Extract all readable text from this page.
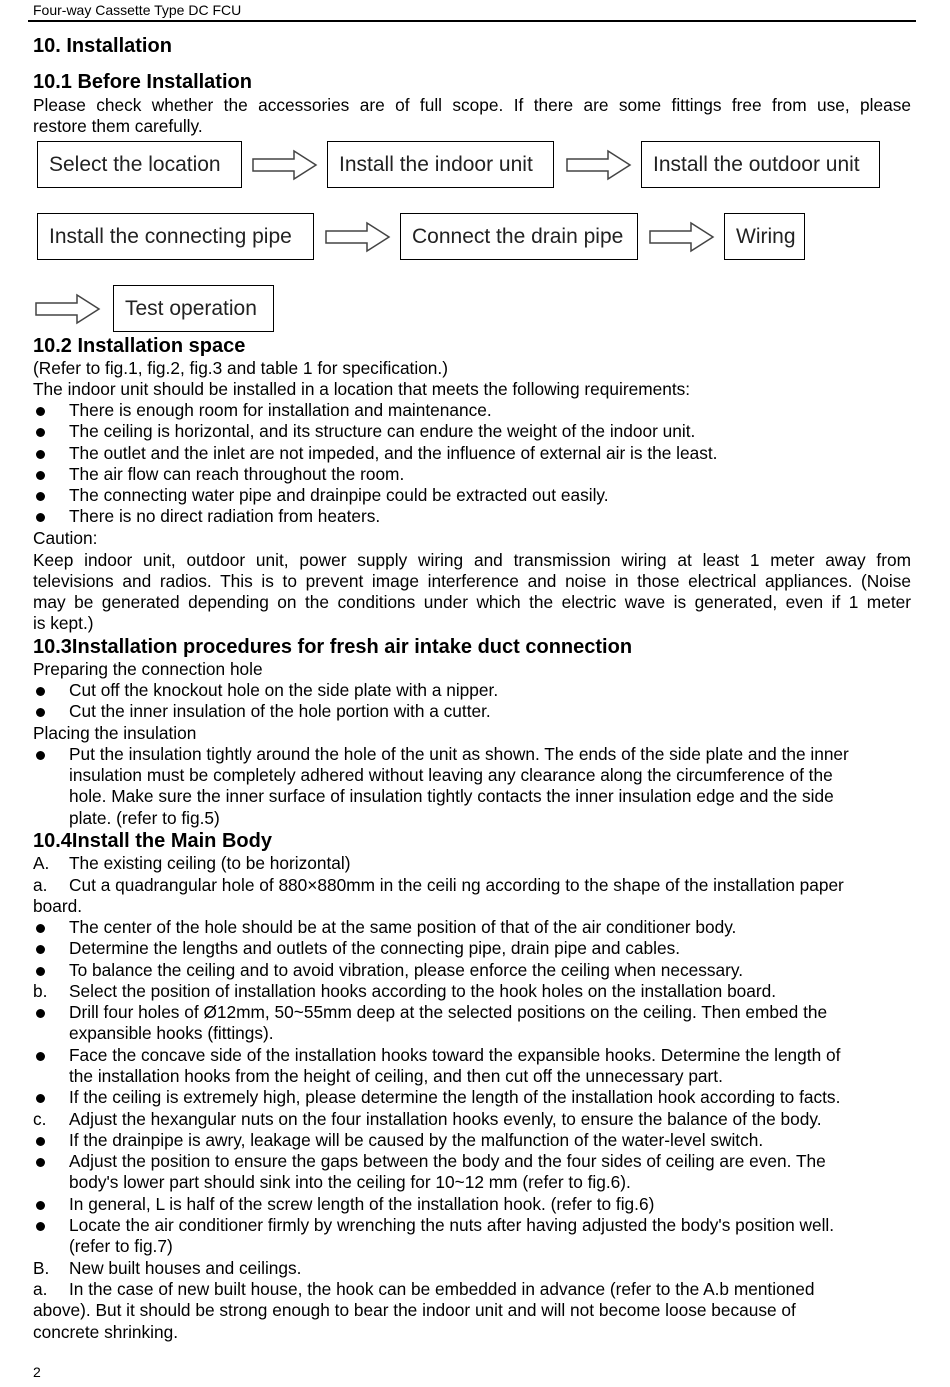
Four-way Cassette Type DC FCU
10. Installation
10.1 Before Installation
Please check whether the accessories are of full scope. If there are some fittings free from use, please
restore them carefully.
Select the location	Install the indoor unit	Install the outdoor unit
Install the connecting pipe	Connect the drain pipe	Wiring
Test operation
10.2 Installation space
(Refer to fig.1, fig.2, fig.3 and table 1 for specification.)
The indoor unit should be installed in a location that meets the following requirements:
There is enough room for installation and maintenance.
The ceiling is horizontal, and its structure can endure the weight of the indoor unit.
The outlet and the inlet are not impeded, and the influence of external air is the least.
The air flow can reach throughout the room.
The connecting water pipe and drainpipe could be extracted out easily.
There is no direct radiation from heaters.
Caution:
Keep indoor unit, outdoor unit, power supply wiring and transmission wiring at least 1 meter away from
televisions and radios. This is to prevent image interference and noise in those electrical appliances. (Noise
may be generated depending on the conditions under which the electric wave is generated, even if 1 meter
is kept.)
10.3Installation procedures for fresh air intake duct connection
Preparing the connection hole
Cut off the knockout hole on the side plate with a nipper.
Cut the inner insulation of the hole portion with a cutter.
Placing the insulation
Put the insulation tightly around the hole of the unit as shown. The ends of the side plate and the inner
insulation must be completely adhered without leaving any clearance along the circumference of the
hole. Make sure the inner surface of insulation tightly contacts the inner insulation edge and the side
plate. (refer to fig.5)
10.4Install the Main Body
A. The existing ceiling (to be horizontal)
a. Cut a quadrangular hole of 880×880mm in the ceili ng according to the shape of the installation paper
board.
The center of the hole should be at the same position of that of the air conditioner body.
Determine the lengths and outlets of the connecting pipe, drain pipe and cables.
To balance the ceiling and to avoid vibration, please enforce the ceiling when necessary.
b. Select the position of installation hooks according to the hook holes on the installation board.
Drill four holes of Ø12mm, 50~55mm deep at the selected positions on the ceiling. Then embed the
expansible hooks (fittings).
Face the concave side of the installation hooks toward the expansible hooks. Determine the length of
the installation hooks from the height of ceiling, and then cut off the unnecessary part.
If the ceiling is extremely high, please determine the length of the installation hook according to facts.
c. Adjust the hexangular nuts on the four installation hooks evenly, to ensure the balance of the body.
If the drainpipe is awry, leakage will be caused by the malfunction of the water-level switch.
Adjust the position to ensure the gaps between the body and the four sides of ceiling are even. The
body's lower part should sink into the ceiling for 10~12 mm (refer to fig.6).
In general, L is half of the screw length of the installation hook. (refer to fig.6)
Locate the air conditioner firmly by wrenching the nuts after having adjusted the body's position well.
(refer to fig.7)
B. New built houses and ceilings.
a. In the case of new built house, the hook can be embedded in advance (refer to the A.b mentioned
above). But it should be strong enough to bear the indoor unit and will not become loose because of
concrete shrinking.
2
